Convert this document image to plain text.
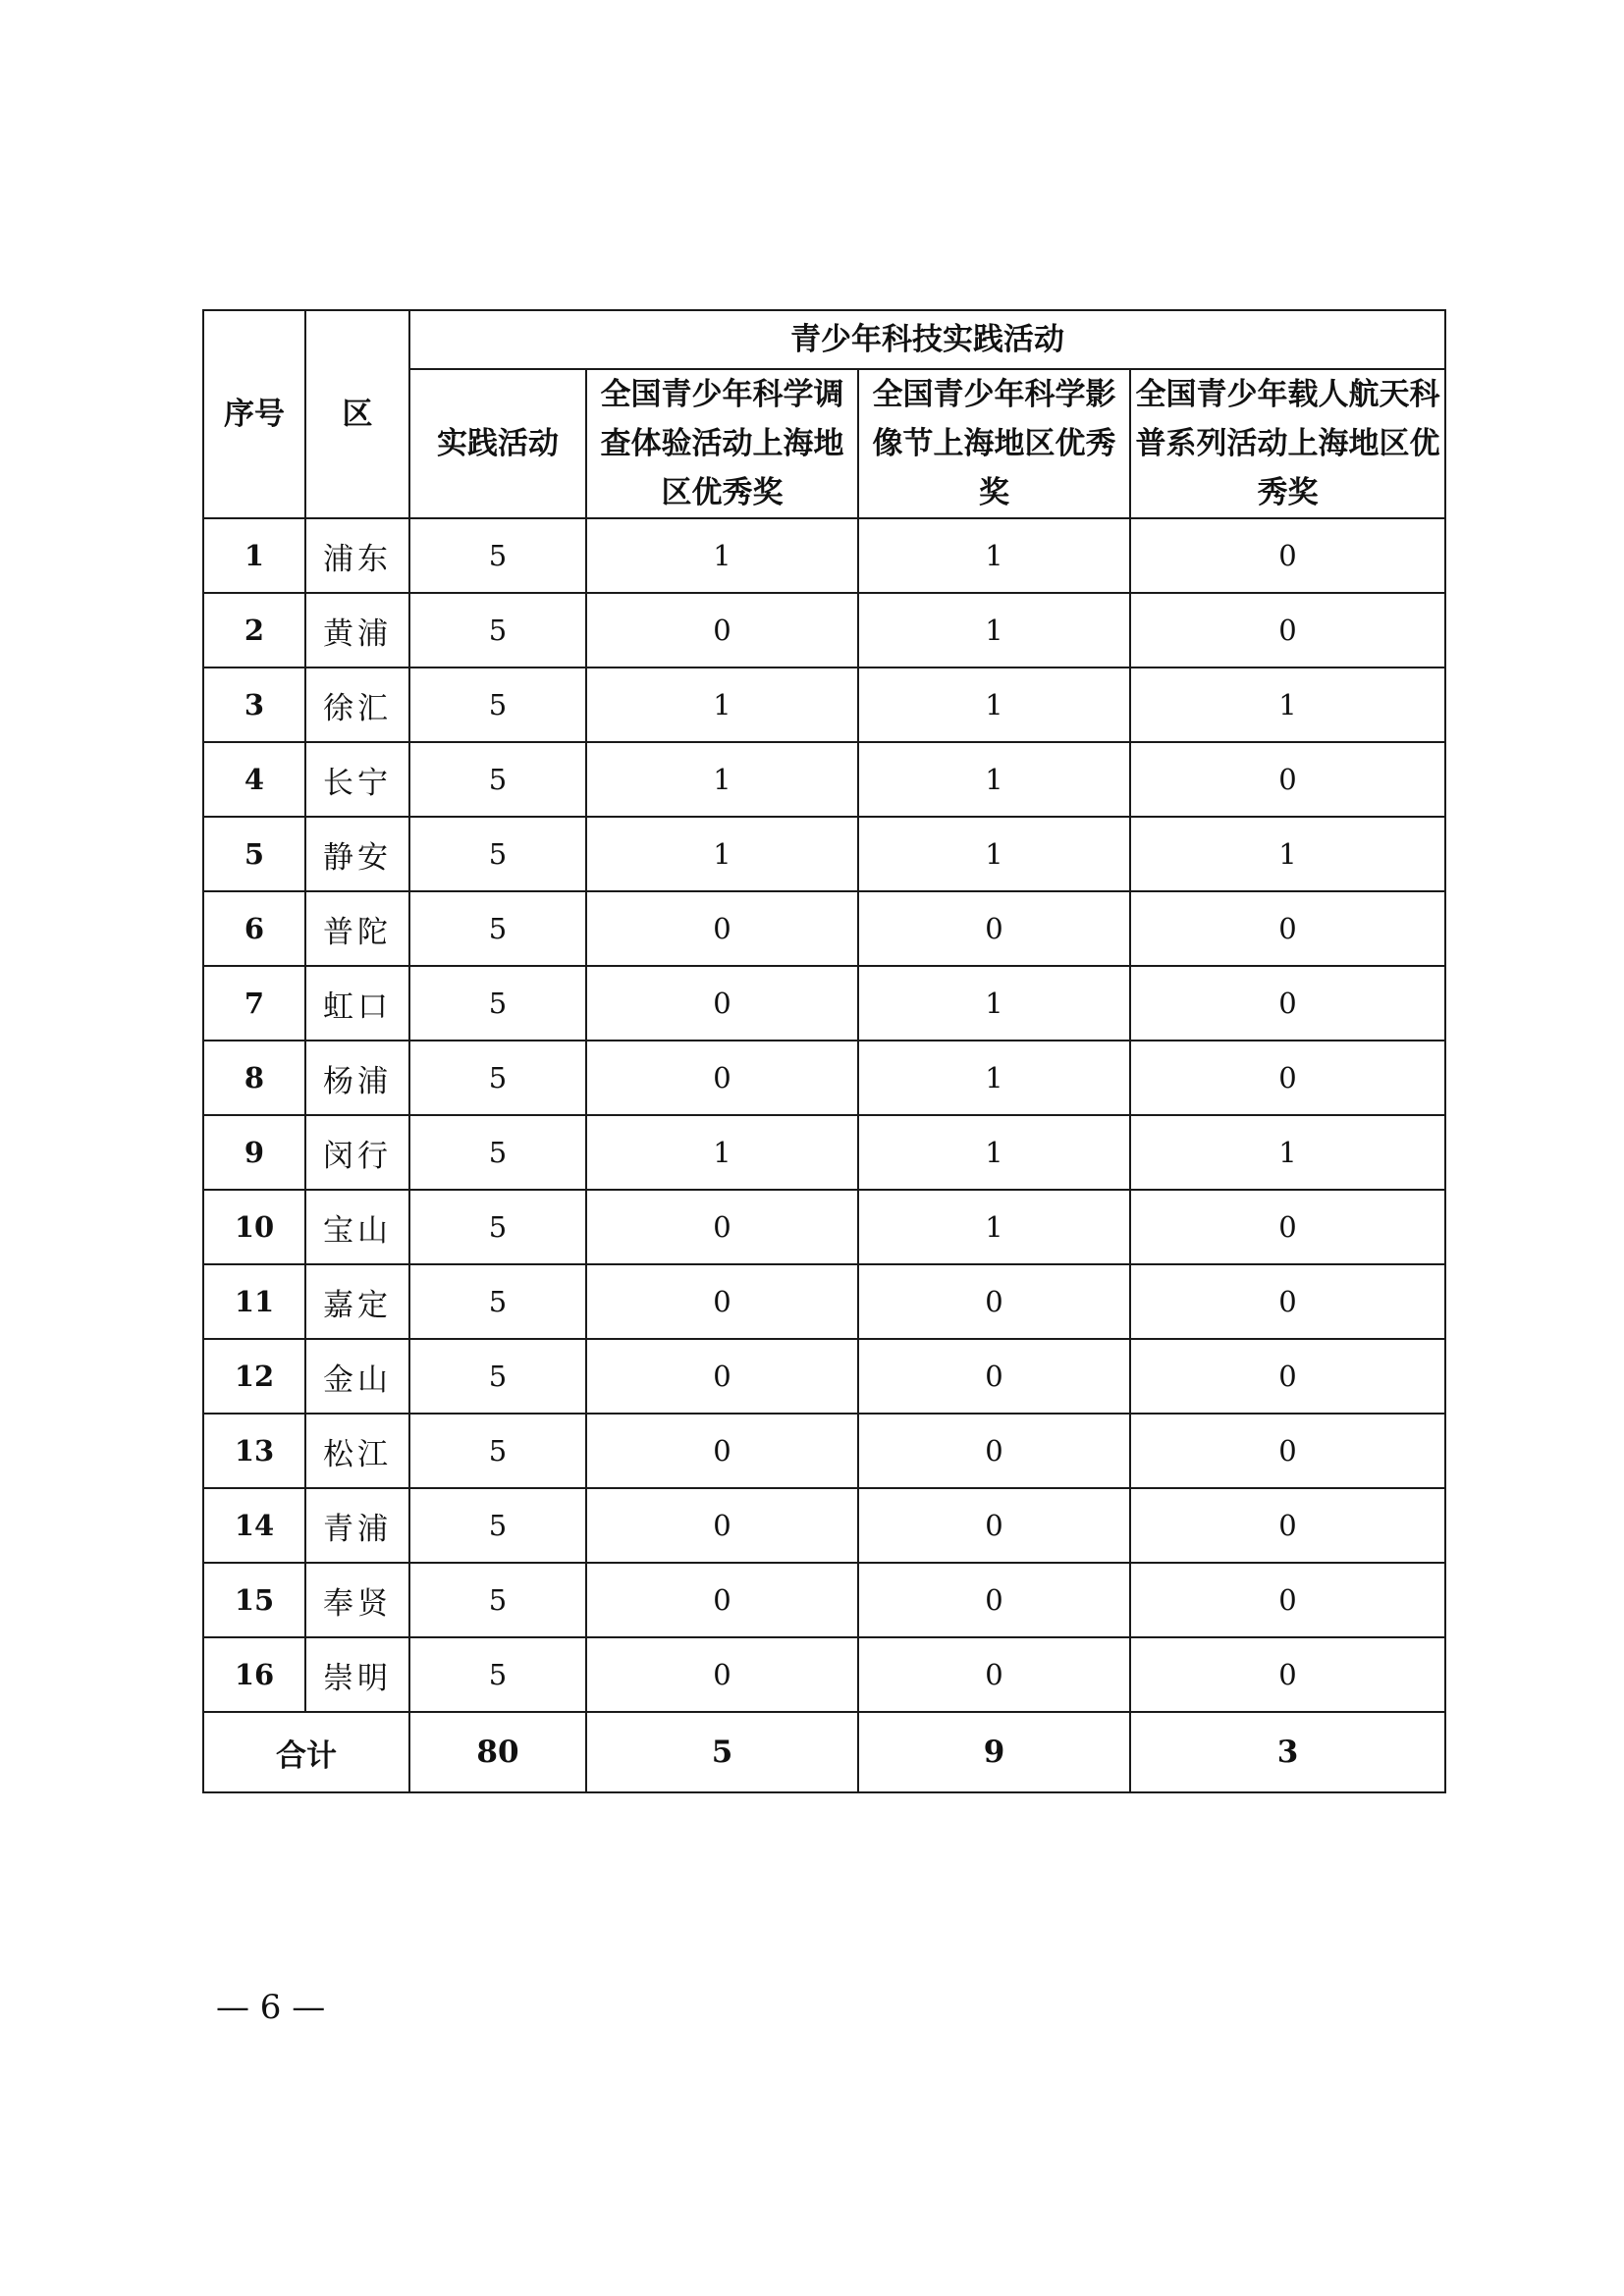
序号	区	青少年科技实践活动			
		实践活动	全国青少年科学调查体验活动上海地区优秀奖	全国青少年科学影像节上海地区优秀奖	全国青少年载人航天科普系列活动上海地区优秀奖
1	浦东	5	1	1	0
2	黄浦	5	0	1	0
3	徐汇	5	1	1	1
4	长宁	5	1	1	0
5	静安	5	1	1	1
6	普陀	5	0	0	0
7	虹口	5	0	1	0
8	杨浦	5	0	1	0
9	闵行	5	1	1	1
10	宝山	5	0	1	0
11	嘉定	5	0	0	0
12	金山	5	0	0	0
13	松江	5	0	0	0
14	青浦	5	0	0	0
15	奉贤	5	0	0	0
16	崇明	5	0	0	0
合计		80	5	9	3
— 6 —
